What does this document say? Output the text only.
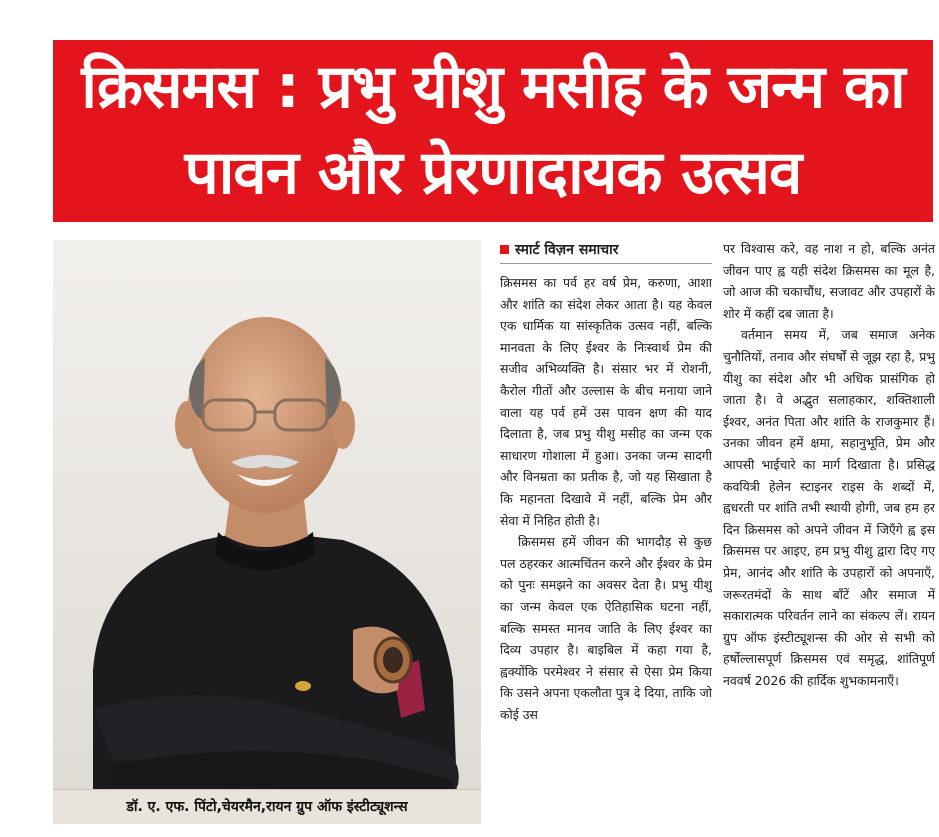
क्रिसमस : प्रभु यीशु मसीह के जन्म का पावन और प्रेरणादायक उत्सव
डॉ. ए. एफ. पिंटो,चेयरमैन,रायन ग्रुप ऑफ इंस्टीट्यूशन्स
स्मार्ट विज़न समाचार

क्रिसमस का पर्व हर वर्ष प्रेम, करुणा, आशा और शांति का संदेश लेकर आता है। यह केवल एक धार्मिक या सांस्कृतिक उत्सव नहीं, बल्कि मानवता के लिए ईश्वर के निःस्वार्थ प्रेम की सजीव अभिव्यक्ति है। संसार भर में रोशनी, कैरोल गीतों और उल्लास के बीच मनाया जाने वाला यह पर्व हमें उस पावन क्षण की याद दिलाता है, जब प्रभु यीशु मसीह का जन्म एक साधारण गोशाला में हुआ। उनका जन्म सादगी और विनम्रता का प्रतीक है, जो यह सिखाता है कि महानता दिखावे में नहीं, बल्कि प्रेम और सेवा में निहित होती है।

क्रिसमस हमें जीवन की भागदौड़ से कुछ पल ठहरकर आत्मचिंतन करने और ईश्वर के प्रेम को पुनः समझने का अवसर देता है। प्रभु यीशु का जन्म केवल एक ऐतिहासिक घटना नहीं, बल्कि समस्त मानव जाति के लिए ईश्वर का दिव्य उपहार है। बाइबिल में कहा गया है, ह्वक्योंकि परमेश्वर ने संसार से ऐसा प्रेम किया कि उसने अपना एकलौता पुत्र दे दिया, ताकि जो कोई उस

पर विश्वास करे, वह नाश न हो, बल्कि अनंत जीवन पाए ह्व यही संदेश क्रिसमस का मूल है, जो आज की चकाचौंध, सजावट और उपहारों के शोर में कहीं दब जाता है।

वर्तमान समय में, जब समाज अनेक चुनौतियों, तनाव और संघर्षों से जूझ रहा है, प्रभु यीशु का संदेश और भी अधिक प्रासंगिक हो जाता है। वे अद्भुत सलाहकार, शक्तिशाली ईश्वर, अनंत पिता और शांति के राजकुमार हैं। उनका जीवन हमें क्षमा, सहानुभूति, प्रेम और आपसी भाईचारे का मार्ग दिखाता है। प्रसिद्ध कवयित्री हेलेन स्टाइनर राइस के शब्दों में, ह्वधरती पर शांति तभी स्थायी होगी, जब हम हर दिन क्रिसमस को अपने जीवन में जिएँगे ह्व इस क्रिसमस पर आइए, हम प्रभु यीशु द्वारा दिए गए प्रेम, आनंद और शांति के उपहारों को अपनाएँ, जरूरतमंदों के साथ बाँटें और समाज में सकारात्मक परिवर्तन लाने का संकल्प लें। रायन ग्रुप ऑफ इंस्टीट्यूशन्स की ओर से सभी को हर्षोल्लासपूर्ण क्रिसमस एवं समृद्ध, शांतिपूर्ण नववर्ष 2026 की हार्दिक शुभकामनाएँ।
